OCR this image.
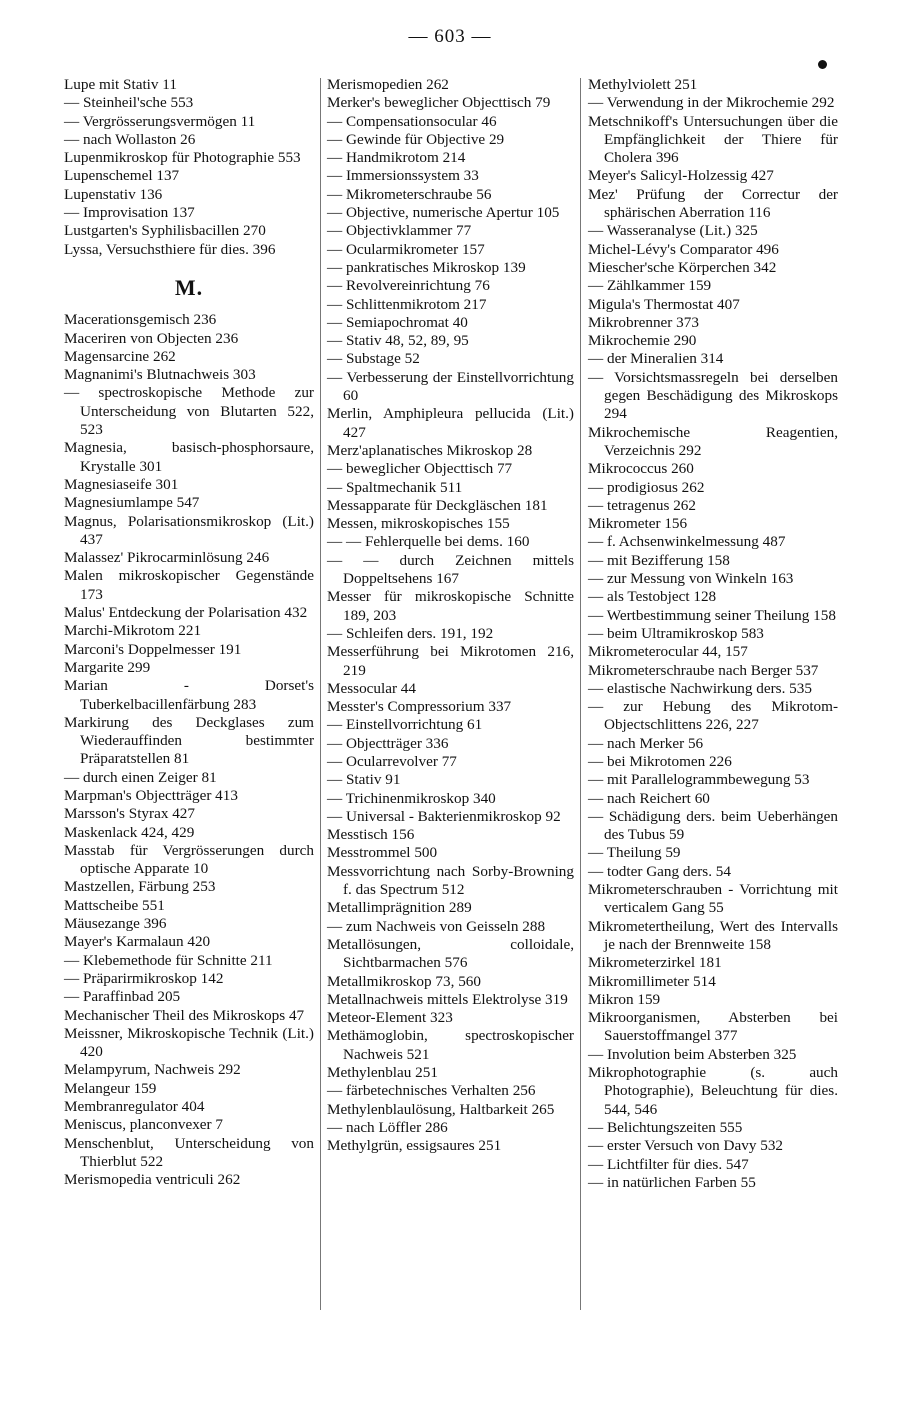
— 603 —
Lupe mit Stativ 11
— Steinheil'sche 553
— Vergrösserungsvermögen 11
— nach Wollaston 26
Lupenmikroskop für Photographie 553
Lupenschemel 137
Lupenstativ 136
— Improvisation 137
Lustgarten's Syphilisbacillen 270
Lyssa, Versuchsthiere für dies. 396
M.
Macerationsgemisch 236
Maceriren von Objecten 236
Magensarcine 262
Magnanimi's Blutnachweis 303
— spectroskopische Methode zur Unterscheidung von Blutarten 522, 523
Magnesia, basisch-phosphorsaure, Krystalle 301
Magnesiaseife 301
Magnesiumlampe 547
Magnus, Polarisationsmikroskop (Lit.) 437
Malassez' Pikrocarminlösung 246
Malen mikroskopischer Gegenstände 173
Malus' Entdeckung der Polarisation 432
Marchi-Mikrotom 221
Marconi's Doppelmesser 191
Margarite 299
Marian - Dorset's Tuberkelbacillenfärbung 283
Markirung des Deckglases zum Wiederauffinden bestimmter Präparatstellen 81
— durch einen Zeiger 81
Marpman's Objectträger 413
Marsson's Styrax 427
Maskenlack 424, 429
Masstab für Vergrösserungen durch optische Apparate 10
Mastzellen, Färbung 253
Mattscheibe 551
Mäusezange 396
Mayer's Karmalaun 420
— Klebemethode für Schnitte 211
— Präparirmikroskop 142
— Paraffinbad 205
Mechanischer Theil des Mikroskops 47
Meissner, Mikroskopische Technik (Lit.) 420
Melampyrum, Nachweis 292
Melangeur 159
Membranregulator 404
Meniscus, planconvexer 7
Menschenblut, Unterscheidung von Thierblut 522
Merismopedia ventriculi 262
Merismopedien 262
Merker's beweglicher Objecttisch 79
— Compensationsocular 46
— Gewinde für Objective 29
— Handmikrotom 214
— Immersionssystem 33
— Mikrometerschraube 56
— Objective, numerische Apertur 105
— Objectivklammer 77
— Ocularmikrometer 157
— pankratisches Mikroskop 139
— Revolvereinrichtung 76
— Schlittenmikrotom 217
— Semiapochromat 40
— Stativ 48, 52, 89, 95
— Substage 52
— Verbesserung der Einstellvorrichtung 60
Merlin, Amphipleura pellucida (Lit.) 427
Merz'aplanatisches Mikroskop 28
— beweglicher Objecttisch 77
— Spaltmechanik 511
Messapparate für Deckgläschen 181
Messen, mikroskopisches 155
— — Fehlerquelle bei dems. 160
— — durch Zeichnen mittels Doppeltsehens 167
Messer für mikroskopische Schnitte 189, 203
— Schleifen ders. 191, 192
Messerführung bei Mikrotomen 216, 219
Messocular 44
Messter's Compressorium 337
— Einstellvorrichtung 61
— Objectträger 336
— Ocularrevolver 77
— Stativ 91
— Trichinenmikroskop 340
— Universal - Bakterienmikroskop 92
Messtisch 156
Messtrommel 500
Messvorrichtung nach Sorby-Browning f. das Spectrum 512
Metallimprägnition 289
— zum Nachweis von Geisseln 288
Metallösungen, colloidale, Sichtbarmachen 576
Metallmikroskop 73, 560
Metallnachweis mittels Elektrolyse 319
Meteor-Element 323
Methämoglobin, spectroskopischer Nachweis 521
Methylenblau 251
— färbetechnisches Verhalten 256
Methylenblaulösung, Haltbarkeit 265
— nach Löffler 286
Methylgrün, essigsaures 251
Methylviolett 251
— Verwendung in der Mikrochemie 292
Metschnikoff's Untersuchungen über die Empfänglichkeit der Thiere für Cholera 396
Meyer's Salicyl-Holzessig 427
Mez' Prüfung der Correctur der sphärischen Aberration 116
— Wasseranalyse (Lit.) 325
Michel-Lévy's Comparator 496
Miescher'sche Körperchen 342
— Zählkammer 159
Migula's Thermostat 407
Mikrobrenner 373
Mikrochemie 290
— der Mineralien 314
— Vorsichtsmassregeln bei derselben gegen Beschädigung des Mikroskops 294
Mikrochemische Reagentien, Verzeichnis 292
Mikrococcus 260
— prodigiosus 262
— tetragenus 262
Mikrometer 156
— f. Achsenwinkelmessung 487
— mit Bezifferung 158
— zur Messung von Winkeln 163
— als Testobject 128
— Wertbestimmung seiner Theilung 158
— beim Ultramikroskop 583
Mikrometerocular 44, 157
Mikrometerschraube nach Berger 537
— elastische Nachwirkung ders. 535
— zur Hebung des Mikrotom-Objectschlittens 226, 227
— nach Merker 56
— bei Mikrotomen 226
— mit Parallelogrammbewegung 53
— nach Reichert 60
— Schädigung ders. beim Ueberhängen des Tubus 59
— Theilung 59
— todter Gang ders. 54
Mikrometerschrauben - Vorrichtung mit verticalem Gang 55
Mikrometertheilung, Wert des Intervalls je nach der Brennweite 158
Mikrometerzirkel 181
Mikromillimeter 514
Mikron 159
Mikroorganismen, Absterben bei Sauerstoffmangel 377
— Involution beim Absterben 325
Mikrophotographie (s. auch Photographie), Beleuchtung für dies. 544, 546
— Belichtungszeiten 555
— erster Versuch von Davy 532
— Lichtfilter für dies. 547
— in natürlichen Farben 55
